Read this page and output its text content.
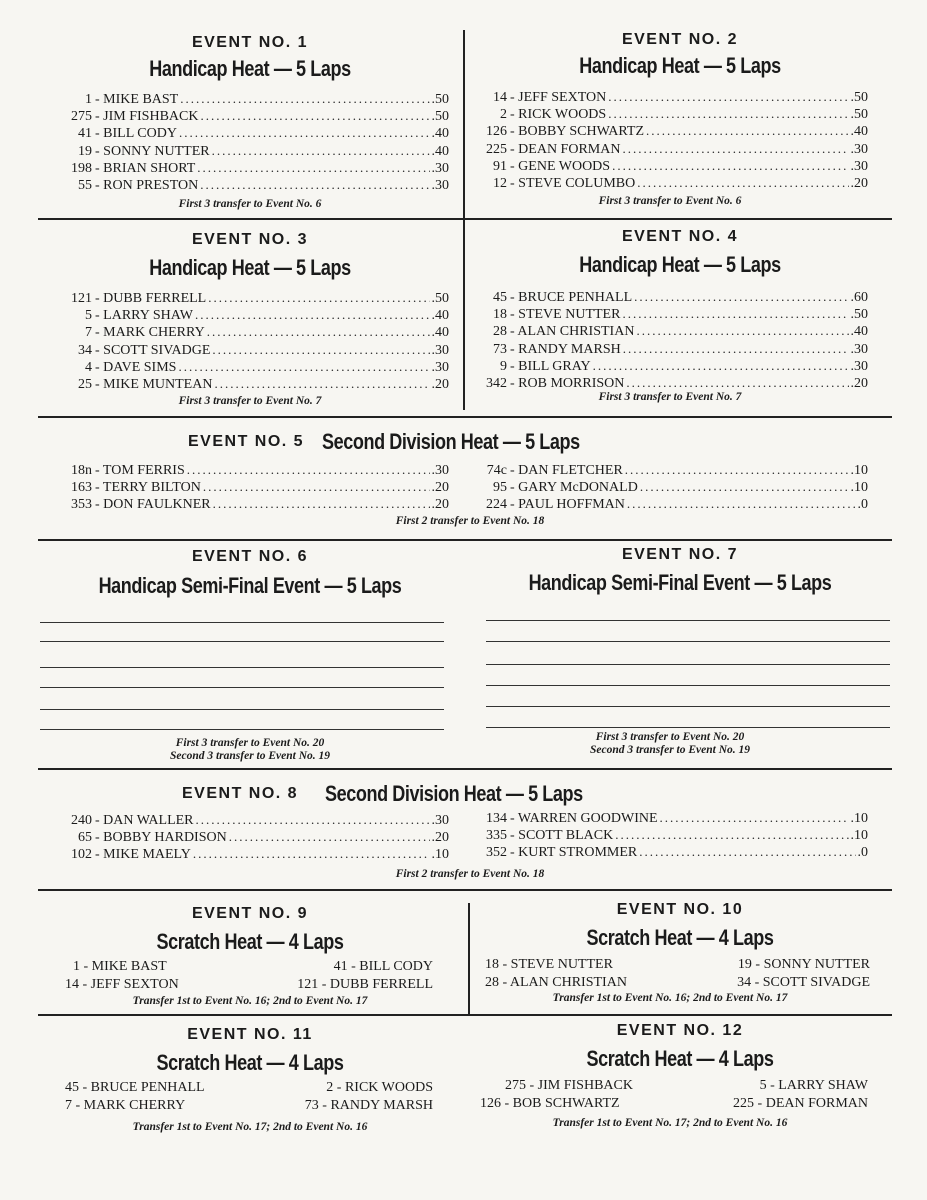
EVENT NO. 1
Handicap Heat — 5 Laps
1 - MIKE BAST .....	.50
275 - JIM FISHBACK .....	.50
41 - BILL CODY .....	.40
19 - SONNY NUTTER .....	.40
198 - BRIAN SHORT .....	.30
55 - RON PRESTON .....	.30
First 3 transfer to Event No. 6
EVENT NO. 2
Handicap Heat — 5 Laps
14 - JEFF SEXTON .....	.50
2 - RICK WOODS .....	.50
126 - BOBBY SCHWARTZ .....	.40
225 - DEAN FORMAN .....	.30
91 - GENE WOODS .....	.30
12 - STEVE COLUMBO .....	.20
First 3 transfer to Event No. 6
EVENT NO. 3
Handicap Heat — 5 Laps
121 - DUBB FERRELL .....	.50
5 - LARRY SHAW .....	.40
7 - MARK CHERRY .....	.40
34 - SCOTT SIVADGE .....	.30
4 - DAVE SIMS .....	.30
25 - MIKE MUNTEAN .....	.20
First 3 transfer to Event No. 7
EVENT NO. 4
Handicap Heat — 5 Laps
45 - BRUCE PENHALL .....	.60
18 - STEVE NUTTER .....	.50
28 - ALAN CHRISTIAN .....	.40
73 - RANDY MARSH .....	.30
9 - BILL GRAY .....	.30
342 - ROB MORRISON .....	.20
First 3 transfer to Event No. 7
EVENT NO. 5 Second Division Heat — 5 Laps
18n - TOM FERRIS .....	.30
163 - TERRY BILTON .....	.20
353 - DON FAULKNER .....	.20
74c - DAN FLETCHER .....	.10
95 - GARY McDONALD .....	.10
224 - PAUL HOFFMAN .....	.0
First 2 transfer to Event No. 18
EVENT NO. 6
Handicap Semi-Final Event — 5 Laps
First 3 transfer to Event No. 20
Second 3 transfer to Event No. 19
EVENT NO. 7
Handicap Semi-Final Event — 5 Laps
First 3 transfer to Event No. 20
Second 3 transfer to Event No. 19
EVENT NO. 8	Second Division Heat — 5 Laps
240 - DAN WALLER .....	.30
65 - BOBBY HARDISON .....	.20
102 - MIKE MAELY .....	.10
134 - WARREN GOODWINE .....	.10
335 - SCOTT BLACK .....	.10
352 - KURT STROMMER .....	.0
First 2 transfer to Event No. 18
EVENT NO. 9
Scratch Heat — 4 Laps
1 - MIKE BAST	41 - BILL CODY
14 - JEFF SEXTON	121 - DUBB FERRELL
Transfer 1st to Event No. 16; 2nd to Event No. 17
EVENT NO. 10
Scratch Heat — 4 Laps
18 - STEVE NUTTER	19 - SONNY NUTTER
28 - ALAN CHRISTIAN	34 - SCOTT SIVADGE
Transfer 1st to Event No. 16; 2nd to Event No. 17
EVENT NO. 11
Scratch Heat — 4 Laps
45 - BRUCE PENHALL	2 - RICK WOODS
7 - MARK CHERRY	73 - RANDY MARSH
Transfer 1st to Event No. 17; 2nd to Event No. 16
EVENT NO. 12
Scratch Heat — 4 Laps
275 - JIM FISHBACK	5 - LARRY SHAW
126 - BOB SCHWARTZ	225 - DEAN FORMAN
Transfer 1st to Event No. 17; 2nd to Event No. 16
